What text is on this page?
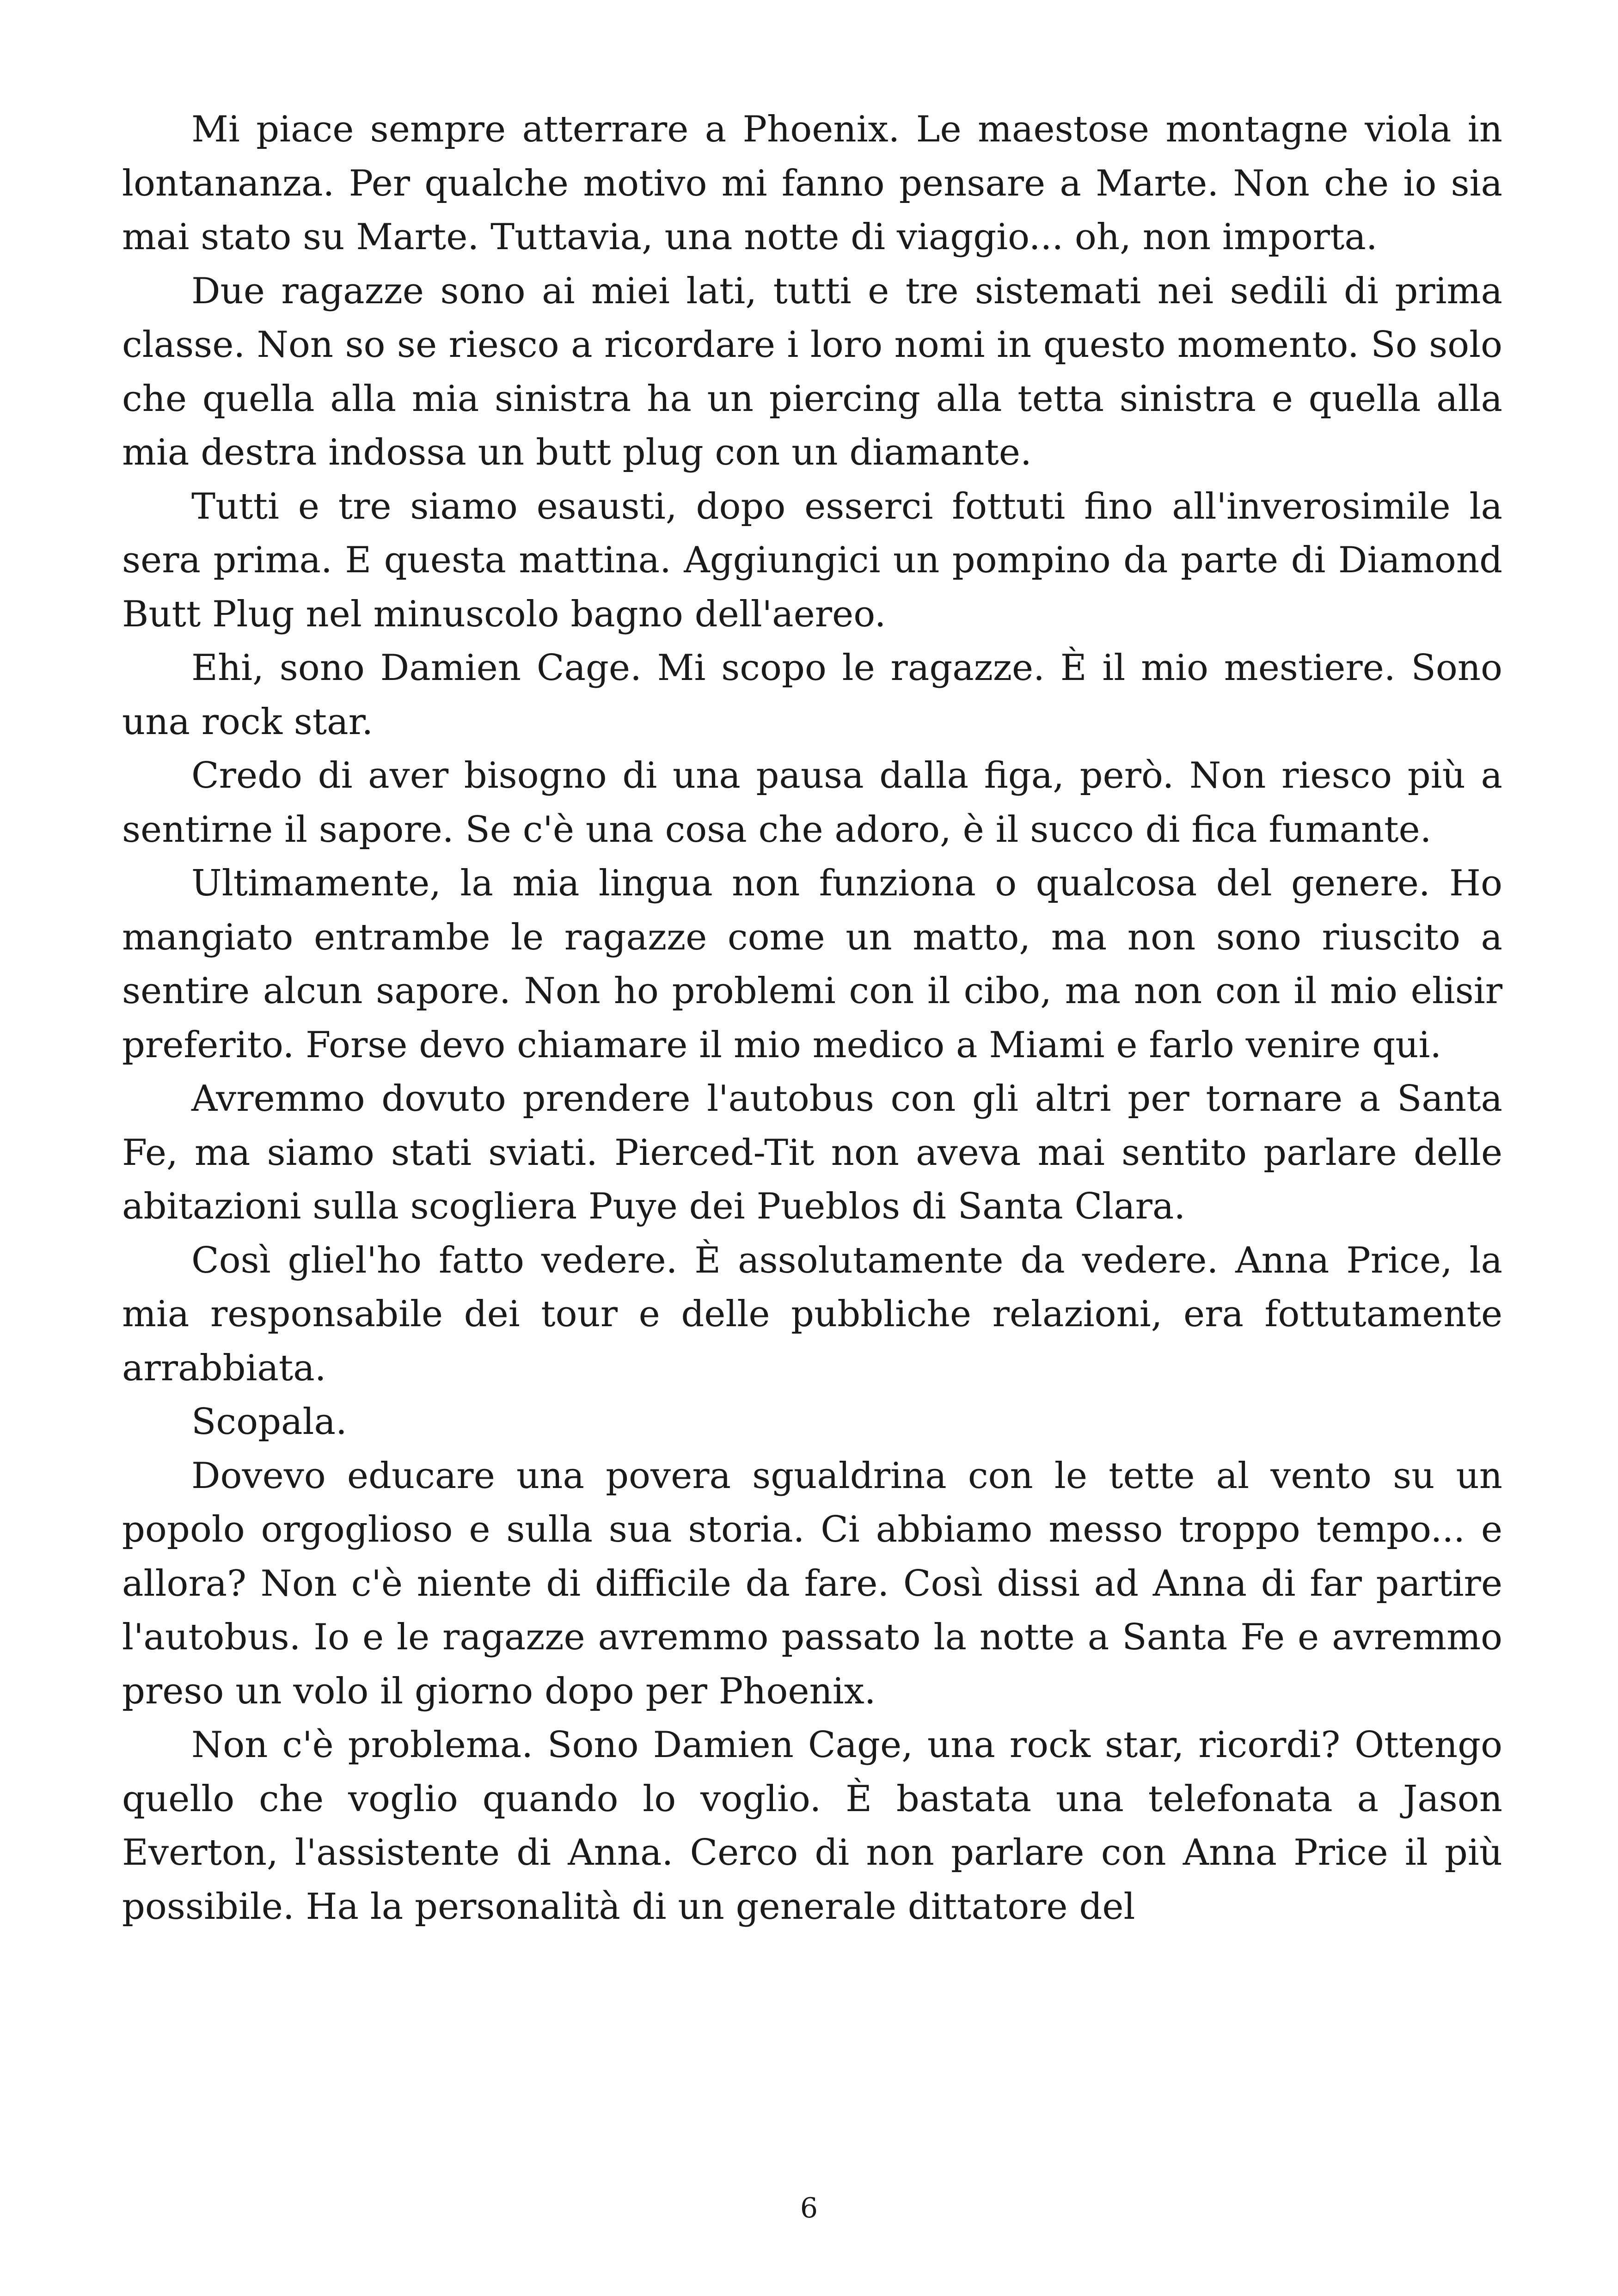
Mi piace sempre atterrare a Phoenix. Le maestose montagne viola in lontananza. Per qualche motivo mi fanno pensare a Marte. Non che io sia mai stato su Marte. Tuttavia, una notte di viaggio... oh, non importa.

Due ragazze sono ai miei lati, tutti e tre sistemati nei sedili di prima classe. Non so se riesco a ricordare i loro nomi in questo momento. So solo che quella alla mia sinistra ha un piercing alla tetta sinistra e quella alla mia destra indossa un butt plug con un diamante.

Tutti e tre siamo esausti, dopo esserci fottuti fino all'inverosimile la sera prima. E questa mattina. Aggiungici un pompino da parte di Diamond Butt Plug nel minuscolo bagno dell'aereo.

Ehi, sono Damien Cage. Mi scopo le ragazze. È il mio mestiere. Sono una rock star.

Credo di aver bisogno di una pausa dalla figa, però. Non riesco più a sentirne il sapore. Se c'è una cosa che adoro, è il succo di fica fumante.

Ultimamente, la mia lingua non funziona o qualcosa del genere. Ho mangiato entrambe le ragazze come un matto, ma non sono riuscito a sentire alcun sapore. Non ho problemi con il cibo, ma non con il mio elisir preferito. Forse devo chiamare il mio medico a Miami e farlo venire qui.

Avremmo dovuto prendere l'autobus con gli altri per tornare a Santa Fe, ma siamo stati sviati. Pierced-Tit non aveva mai sentito parlare delle abitazioni sulla scogliera Puye dei Pueblos di Santa Clara.

Così gliel'ho fatto vedere. È assolutamente da vedere. Anna Price, la mia responsabile dei tour e delle pubbliche relazioni, era fottutamente arrabbiata.

Scopala.

Dovevo educare una povera sgualdrina con le tette al vento su un popolo orgoglioso e sulla sua storia. Ci abbiamo messo troppo tempo... e allora? Non c'è niente di difficile da fare. Così dissi ad Anna di far partire l'autobus. Io e le ragazze avremmo passato la notte a Santa Fe e avremmo preso un volo il giorno dopo per Phoenix.

Non c'è problema. Sono Damien Cage, una rock star, ricordi? Ottengo quello che voglio quando lo voglio. È bastata una telefonata a Jason Everton, l'assistente di Anna. Cerco di non parlare con Anna Price il più possibile. Ha la personalità di un generale dittatore del

6
